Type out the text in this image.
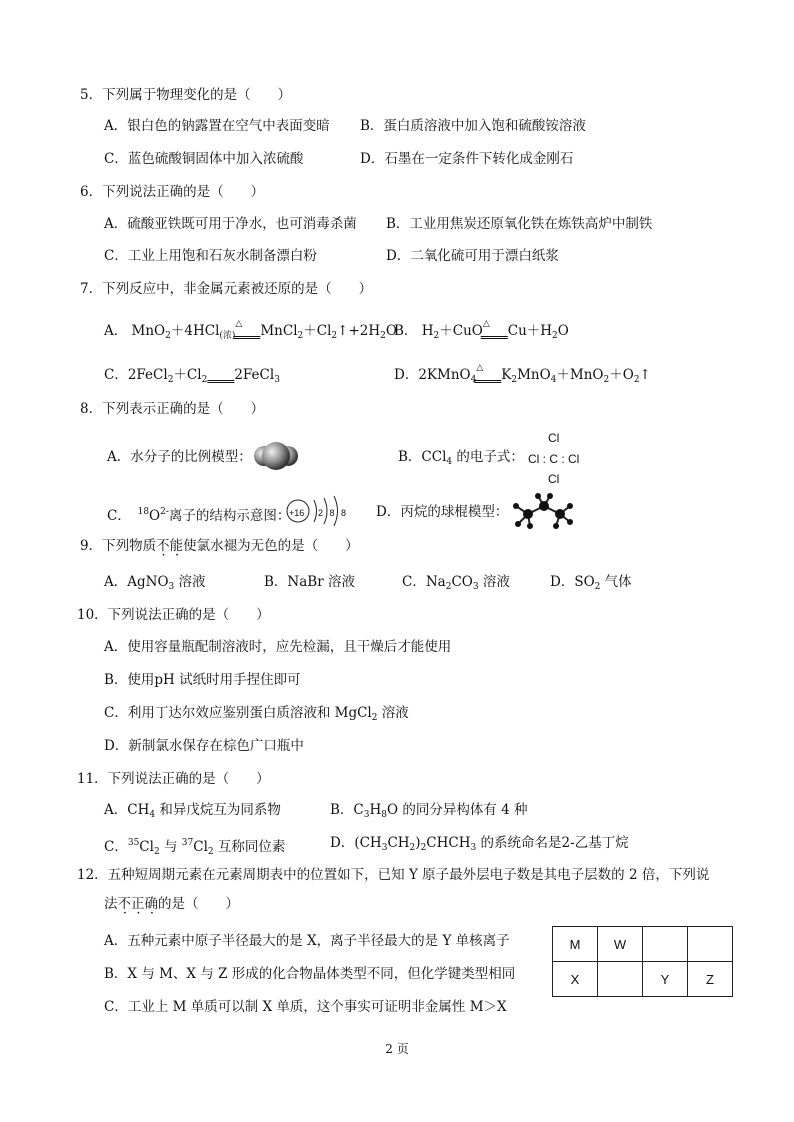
5．下列属于物理变化的是（　　）
A．银白色的钠露置在空气中表面变暗 B．蛋白质溶液中加入饱和硫酸铵溶液
C．蓝色硫酸铜固体中加入浓硫酸	D．石墨在一定条件下转化成金刚石
6．下列说法正确的是（　　）
A．硫酸亚铁既可用于净水，也可消毒杀菌 B．工业用焦炭还原氧化铁在炼铁高炉中制铁
C．工业上用饱和石灰水制备漂白粉	D．二氧化硫可用于漂白纸浆
7．下列反应中，非金属元素被还原的是（　　）
A． MnO$_2$＋4HCl$_{(浓)}$△　　 $MnCl_2+Cl_2↑+2H_2O$
B． $H_2+CuO^\triangle$　　 $Cu+H_2O$
C．$2FeCl_2+Cl_2$　　 2FeCl$_3$	D．2KMnO$_4$△　　 $K_2MnO_4+MnO_2+O_2↑$
8．下列表示正确的是（　　）
A．水分子的比例模型：	B．CCl$_4$ 的电子式：
Cl
Cl : C : Cl
Cl
C．　 $^{18}O^{2-}$离子的结构示意图：
+16 2 8 8 D．丙烷的球棍模型：
9．下列物质不能使氯水褪为无色的是（　　）
A．AgNO$_3$ 溶液	B．NaBr 溶液	C．$Na_2CO_3$ 溶液	D．$SO_2$ 气体
10．下列说法正确的是（　　）
A．使用容量瓶配制溶液时，应先检漏，且干燥后才能使用
B．使用pH 试纸时用手捏住即可
C．利用丁达尔效应鉴别蛋白质溶液和 MgCl$_2$ 溶液
D．新制氯水保存在棕色广口瓶中
11．下列说法正确的是（　　）
A．$CH_4$ 和异戊烷互为同系物	B．$C_3H_8O$ 的同分异构体有 4 种
C．$^{35}Cl_2$ 与 $^{37}Cl_2$ 互称同位素	D．$(CH_3CH_2)_2CHCH_3$ 的系统命名是2-乙基丁烷
12．五种短周期元素在元素周期表中的位置如下，已知 Y 原子最外层电子数是其电子层数的 2 倍，下列说
法不正确的是（　　）
A．五种元素中原子半径最大的是 X，离子半径最大的是 Y 单核离子
B．X 与 M、X 与 Z 形成的化合物晶体类型不同，但化学键类型相同
C．工业上 M 单质可以制 X 单质，这个事实可证明非金属性 M＞X
M	W		
X		Y	Z
2 页
